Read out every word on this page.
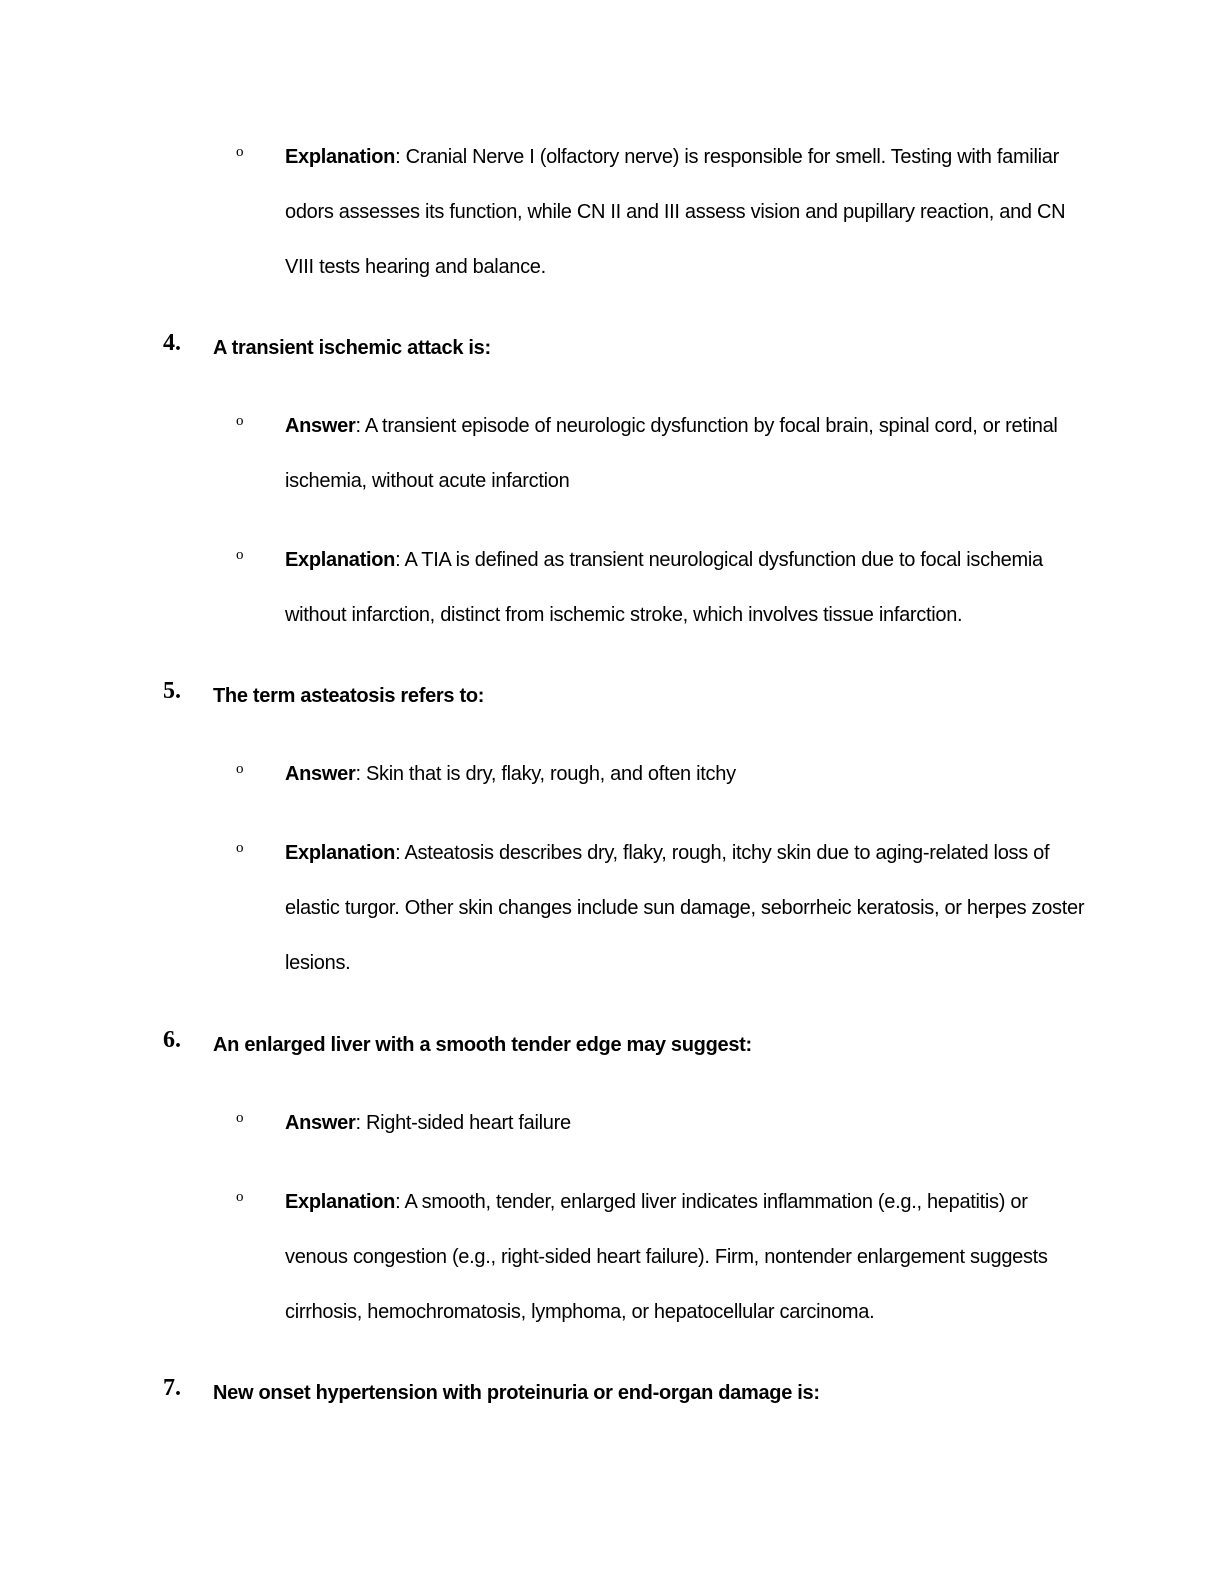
o Explanation: Cranial Nerve I (olfactory nerve) is responsible for smell. Testing with familiar odors assesses its function, while CN II and III assess vision and pupillary reaction, and CN VIII tests hearing and balance.
4. A transient ischemic attack is:
o Answer: A transient episode of neurologic dysfunction by focal brain, spinal cord, or retinal ischemia, without acute infarction
o Explanation: A TIA is defined as transient neurological dysfunction due to focal ischemia without infarction, distinct from ischemic stroke, which involves tissue infarction.
5. The term asteatosis refers to:
o Answer: Skin that is dry, flaky, rough, and often itchy
o Explanation: Asteatosis describes dry, flaky, rough, itchy skin due to aging-related loss of elastic turgor. Other skin changes include sun damage, seborrheic keratosis, or herpes zoster lesions.
6. An enlarged liver with a smooth tender edge may suggest:
o Answer: Right-sided heart failure
o Explanation: A smooth, tender, enlarged liver indicates inflammation (e.g., hepatitis) or venous congestion (e.g., right-sided heart failure). Firm, nontender enlargement suggests cirrhosis, hemochromatosis, lymphoma, or hepatocellular carcinoma.
7. New onset hypertension with proteinuria or end-organ damage is:
